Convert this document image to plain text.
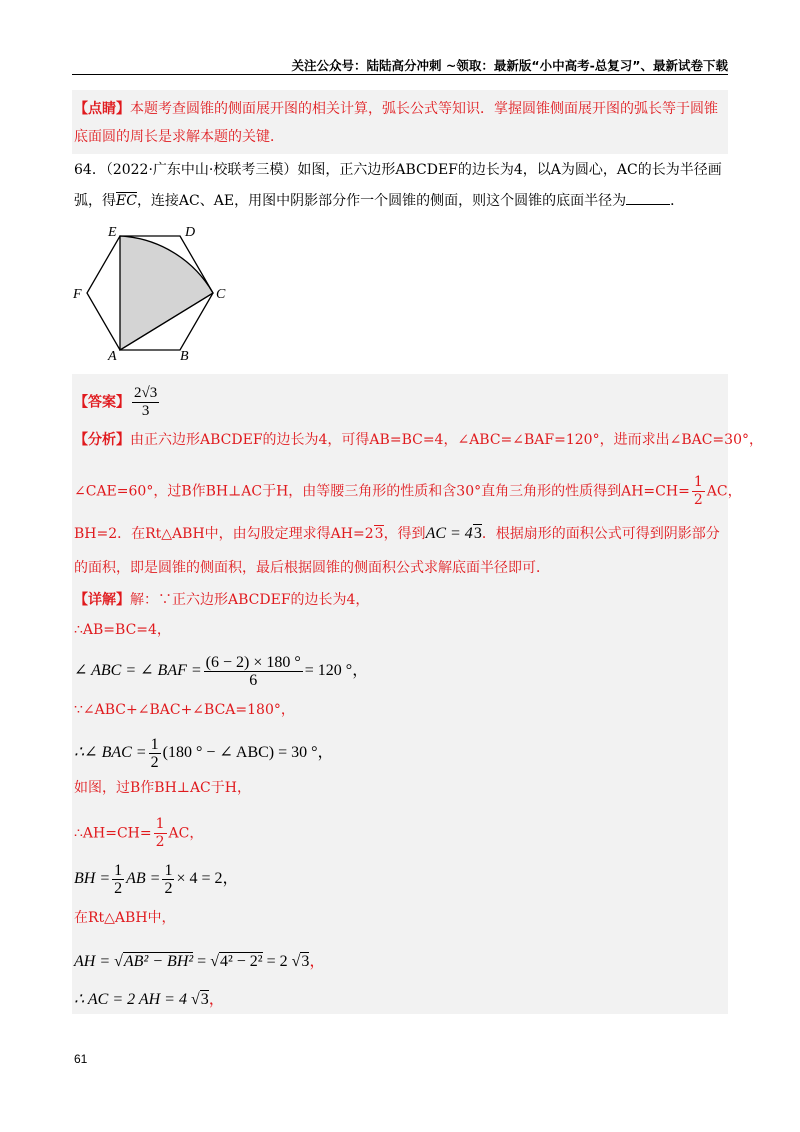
关注公众号：陆陆高分冲刺 ~领取：最新版“小中高考-总复习”、最新试卷下载
【点睛】本题考查圆锥的侧面展开图的相关计算，弧长公式等知识．掌握圆锥侧面展开图的弧长等于圆锥
底面圆的周长是求解本题的关键．
64．（2022·广东中山·校联考三模）如图，正六边形ABCDEF的边长为4，以A为圆心，AC的长为半径画
弧，得EC，连接AC、AE，用图中阴影部分作一个圆锥的侧面，则这个圆锥的底面半径为	．
E	D
F	C
A	B
【答案】 $\frac{2√3}{3}$
【分析】由正六边形ABCDEF的边长为4，可得AB=BC=4，∠ABC=∠BAF=120°，进而求出∠BAC=30°，
∠CAE=60°，过B作BH⊥AC于H，由等腰三角形的性质和含30°直角三角形的性质得到$AH=CH= \frac{1}{2}$ AC，
BH=2．在Rt△ABH中，由勾股定理求得AH=23，得到AC = 43．根据扇形的面积公式可得到阴影部分
的面积，即是圆锥的侧面积，最后根据圆锥的侧面积公式求解底面半径即可．
【详解】解：∵正六边形ABCDEF的边长为4，
∴AB=BC=4，
∠ ABC = ∠ BAF = $\frac{(6 - 2) \times 180 ^\circ}{6} = 120$ °，
∵∠ABC+∠BAC+∠BCA=180°，
∴∠ BAC = $\frac{1}{2} (180$ ° − ∠ ABC) = 30 °，
如图，过B作BH⊥AC于H，
∴AH=CH= $\frac{1}{2}$ AC，
BH = $\frac{1}{2}$ AB = $\frac{1}{2} \times 4 = 2$，
在Rt△ABH中，
AH = √AB² − BH² = √4² − 2² = 2 √3，
∴ AC = 2 AH = 4 √3，
61
